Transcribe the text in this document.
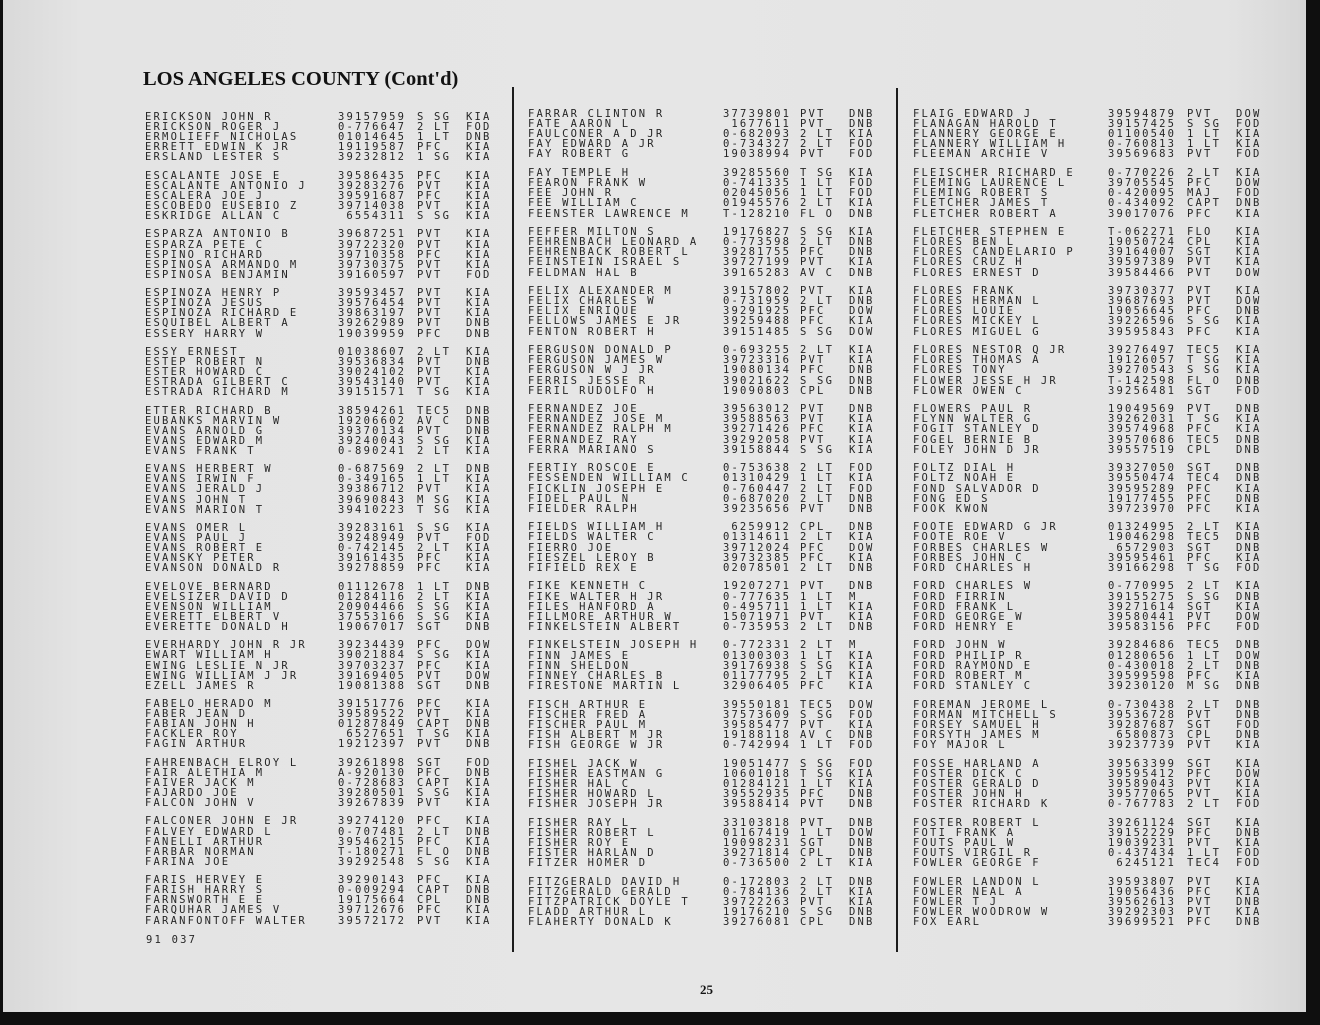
LOS ANGELES COUNTY (Cont'd)
ERICKSON JOHN R	39157959 S SG KIA
ERICKSON ROGER J	0-776647 2 LT FOD
ERMOLIEFF NICHOLAS	01014645 1 LT DNB
ERRETT EDWIN K JR	19119587 PFC KIA
ERSLAND LESTER S	39232812 1 SG KIA
ESCALANTE JOSE E	39586435 PFC KIA
ESCALANTE ANTONIO J	39283276 PVT KIA
ESCALERA JOE J	39591687 PFC KIA
ESCOBEDO EUSEBIO Z	39714038 PVT KIA
ESKRIDGE ALLAN C	6554311 S SG KIA
ESPARZA ANTONIO B	39687251 PVT KIA
ESPARZA PETE C	39722320 PVT KIA
ESPINO RICHARD	39710358 PFC KIA
ESPINOSA ARMANDO M	39730375 PVT KIA
ESPINOSA BENJAMIN	39160597 PVT FOD
ESPINOZA HENRY P	39593457 PVT KIA
ESPINOZA JESUS	39576454 PVT KIA
ESPINOZA RICHARD E	39863197 PVT KIA
ESQUIBEL ALBERT A	39262989 PVT DNB
ESSERY HARRY W	19039959 PFC DNB
ESSY ERNEST	01038607 2 LT KIA
ESTEP ROBERT N	39536834 PVT DNB
ESTER HOWARD C	39024102 PVT KIA
ESTRADA GILBERT C	39543140 PVT KIA
ESTRADA RICHARD M	39151571 T SG KIA
ETTER RICHARD B	38594261 TEC5 DNB
EUBANKS MARVIN W	19206602 AV C DNB
EVANS ARNOLD G	39370134 PVT DNB
EVANS EDWARD M	39240043 S SG KIA
EVANS FRANK T	0-890241 2 LT KIA
EVANS HERBERT W	0-687569 2 LT DNB
EVANS IRWIN F	0-349165 1 LT KIA
EVANS JERALD J	39386712 PVT KIA
EVANS JOHN T	39690843 M SG KIA
EVANS MARION T	39410223 T SG KIA
EVANS OMER L	39283161 S SG KIA
EVANS PAUL J	39248949 PVT FOD
EVANS ROBERT E	0-742145 2 LT KIA
EVANSKY PETER	39161435 PFC KIA
EVANSON DONALD R	39278859 PFC KIA
EVELOVE BERNARD	01112678 1 LT DNB
EVELSIZER DAVID D	01284116 2 LT KIA
EVENSON WILLIAM	20904466 S SG KIA
EVERETT ELBERT V	37553166 S SG KIA
EVERETTE DONALD H	19067017 SGT DNB
EVERHARDY JOHN R JR	39234439 PFC DOW
EWART WILLIAM H	39021884 S SG KIA
EWING LESLIE N JR	39703237 PFC KIA
EWING WILLIAM J JR	39169405 PVT DOW
EZELL JAMES R	19081388 SGT DNB
FABELO HERADO M	39151776 PFC KIA
FABER JEAN D	39589522 PVT KIA
FABIAN JOHN H	01287849 CAPT DNB
FACKLER ROY	6527651 T SG KIA
FAGIN ARTHUR	19212397 PVT DNB
FAHRENBACH ELROY L	39261898 SGT FOD
FAIR ALETHIA M	A-920130 PFC DNB
FAIVER JACK M	0-728683 CAPT KIA
FAJARDO JOE	39280501 S SG KIA
FALCON JOHN V	39267839 PVT KIA
FALCONER JOHN E JR	39274120 PFC KIA
FALVEY EDWARD L	0-707481 2 LT DNB
FANELLI ARTHUR	39546215 PFC KIA
FARBAR NORMAN	T-180271 FL O DNB
FARINA JOE	39292548 S SG KIA
FARIS HERVEY E	39290143 PFC KIA
FARISH HARRY S	0-009294 CAPT DNB
FARNSWORTH E E	19175664 CPL DNB
FARQUHAR JAMES V	39712676 PFC KIA
FARANFONTOFF WALTER	39572172 PVT KIA
FARRAR CLINTON R	37739801 PVT DNB
FATE AARON L	1677611 PVT DNB
FAULCONER A D JR	0-682093 2 LT KIA
FAY EDWARD A JR	0-734327 2 LT FOD
FAY ROBERT G	19038994 PVT FOD
FAY TEMPLE H	39285560 T SG KIA
FEARON FRANK W	0-741335 1 LT FOD
FEE JOHN R	02045056 1 LT FOD
FEE WILLIAM C	01945576 2 LT KIA
FEENSTER LAWRENCE M	T-128210 FL O DNB
FEFFER MILTON S	19176827 S SG KIA
FEHRENBACH LEONARD A 0-773598 2 LT DNB
FEHRENBACK ROBERT L	39281755 PFC DNB
FEINSTEIN ISRAEL S	39727199 PVT KIA
FELDMAN HAL B	39165283 AV C DNB
FELIX ALEXANDER M	39157802 PVT KIA
FELIX CHARLES W	0-731959 2 LT DNB
FELIX ENRIQUE	39291925 PFC DOW
FELLOWS JAMES E JR	39259488 PFC KIA
FENTON ROBERT H	39151485 S SG DOW
FERGUSON DONALD P	0-693255 2 LT KIA
FERGUSON JAMES W	39723316 PVT KIA
FERGUSON W J JR	19080134 PFC DNB
FERRIS JESSE R	39021622 S SG DNB
FERIL RUDOLFO H	19090803 CPL DNB
FERNANDEZ JOE	39563012 PVT DNB
FERNANDEZ JOSE M	39588563 PVT KIA
FERNANDEZ RALPH M	39271426 PFC KIA
FERNANDEZ RAY	39292058 PVT KIA
FERRA MARIANO S	39158844 S SG KIA
FERTIY ROSCOE E	0-753638 2 LT FOD
FESSENDEN WILLIAM C	01310429 1 LT KIA
FICKLIN JOSEPH E	0-760447 2 LT FOD
FIDEL PAUL N	0-687020 2 LT DNB
FIELDER RALPH	39235656 PVT DNB
FIELDS WILLIAM H	6259912 CPL DNB
FIELDS WALTER C	01314611 2 LT KIA
FIERRO JOE	39712024 PFC DOW
FIESZEL LEROY B	39732385 PFC KIA
FIFIELD REX E	02078501 2 LT DNB
FIKE KENNETH C	19207271 PVT DNB
FIKE WALTER H JR	0-777635 1 LT M
FILES HANFORD A	0-495711 1 LT KIA
FILLMORE ARTHUR W	15071971 PVT KIA
FINKELSTEIN ALBERT	0-735953 2 LT DNB
FINKELSTEIN JOSEPH H 0-772331 2 LT M
FINN JAMES E	01300303 1 LT KIA
FINN SHELDON	39176938 S SG KIA
FINNEY CHARLES B	01177795 2 LT KIA
FIRESTONE MARTIN L	32906405 PFC KIA
FISCH ARTHUR E	39550181 TEC5 DOW
FISCHER FRED A	37573609 S SG FOD
FISCHER PAUL M	39585477 PVT KIA
FISH ALBERT M JR	19188118 AV C DNB
FISH GEORGE W JR	0-742994 1 LT FOD
FISHEL JACK W	19051477 S SG FOD
FISHER EASTMAN G	10601018 T SG KIA
FISHER HAL C	01284121 1 LT KIA
FISHER HOWARD L	39552935 PFC DNB
FISHER JOSEPH JR	39588414 PVT DNB
FISHER RAY L	33103818 PVT DNB
FISHER ROBERT L	01167419 1 LT DOW
FISHER ROY E	19098231 SGT DNB
FISTER HARLAN D	39271814 CPL DNB
FITZER HOMER D	0-736500 2 LT KIA
FITZGERALD DAVID H	0-172803 2 LT DNB
FITZGERALD GERALD	0-784136 2 LT KIA
FITZPATRICK DOYLE T	39722263 PVT KIA
FLADD ARTHUR L	19176210 S SG DNB
FLAHERTY DONALD K	39276081 CPL DNB
FLAIG EDWARD J	39594879 PVT DOW
FLANAGAN HAROLD T	39157425 S SG FOD
FLANNERY GEORGE E	01100540 1 LT KIA
FLANNERY WILLIAM H	0-760813 1 LT KIA
FLEEMAN ARCHIE V	39569683 PVT FOD
FLEISCHER RICHARD E	0-770226 2 LT KIA
FLEMING LAURENCE L	39705545 PFC DOW
FLEMING ROBERT S	0-420095 MAJ FOD
FLETCHER JAMES T	0-434092 CAPT DNB
FLETCHER ROBERT A	39017076 PFC KIA
FLETCHER STEPHEN E	T-062271 FLO KIA
FLORES BEN L	19050724 CPL KIA
FLORES CANDELARIO P	39164007 SGT KIA
FLORES CRUZ H	39597389 PVT KIA
FLORES ERNEST D	39584466 PVT DOW
FLORES FRANK	39730377 PVT KIA
FLORES HERMAN L	39687693 PVT DOW
FLORES LOUIE	19056645 PFC DNB
FLORES MICKEY L	39226596 S SG KIA
FLORES MIGUEL G	39595843 PFC KIA
FLORES NESTOR Q JR	39276497 TEC5 KIA
FLORES THOMAS A	19126057 T SG KIA
FLORES TONY	39270543 S SG KIA
FLOWER JESSE H JR	T-142598 FL O DNB
FLOWER OWEN C	39256481 SGT FOD
FLOWERS PAUL R	19049569 PVT DNB
FLYNN WALTER G	39262031 T SG KIA
FOGIT STANLEY D	39574968 PFC KIA
FOGEL BERNIE B	39570686 TEC5 DNB
FOLEY JOHN D JR	39557519 CPL DNB
FOLTZ DIAL H	39327050 SGT DNB
FOLTZ NOAH E	39550474 TEC4 DNB
FOND SALVADOR D	39595289 PFC KIA
FONG ED S	19177455 PFC DNB
FOOK KWON	39723970 PFC KIA
FOOTE EDWARD G JR	01324995 2 LT KIA
FOOTE ROE V	19046298 TEC5 DNB
FORBES CHARLES W	6572903 SGT DNB
FORBES JOHN C	39595461 PFC KIA
FORD CHARLES H	39166298 T SG FOD
FORD CHARLES W	0-770995 2 LT KIA
FORD FIRRIN	39155275 S SG DNB
FORD FRANK L	39271614 SGT KIA
FORD GEORGE W	39580441 PVT DOW
FORD HENRY E	39583156 PFC FOD
FORD JOHN W	39284686 TEC5 DNB
FORD PHILIP R	01280656 1 LT DOW
FORD RAYMOND E	0-430018 2 LT DNB
FORD ROBERT M	39599598 PFC KIA
FORD STANLEY C	39230120 M SG DNB
FOREMAN JEROME L	0-730438 2 LT DNB
FORMAN MITCHELL S	39536728 PVT DNB
FORSEY SAMUEL H	39287687 SGT FOD
FORSYTH JAMES M	6580873 CPL DNB
FOY MAJOR L	39237739 PVT KIA
FOSSE HARLAND A	39563399 SGT KIA
FOSTER DICK C	39595412 PFC DOW
FOSTER GERALD D	39589043 PVT KIA
FOSTER JOHN H	39577065 PVT KIA
FOSTER RICHARD K	0-767783 2 LT FOD
FOSTER ROBERT L	39261124 SGT KIA
FOTI FRANK A	39152229 PFC DNB
FOUTS PAUL W	19039231 PVT KIA
FOUTS VIRGIL R	0-437434 1 LT FOD
FOWLER GEORGE F	6245121 TEC4 FOD
FOWLER LANDON L	39593807 PVT KIA
FOWLER NEAL A	19056436 PFC KIA
FOWLER T J	39562613 PVT DNB
FOWLER WOODROW W	39292303 PVT KIA
FOX EARL	39699521 PFC DNB
91 037
25
